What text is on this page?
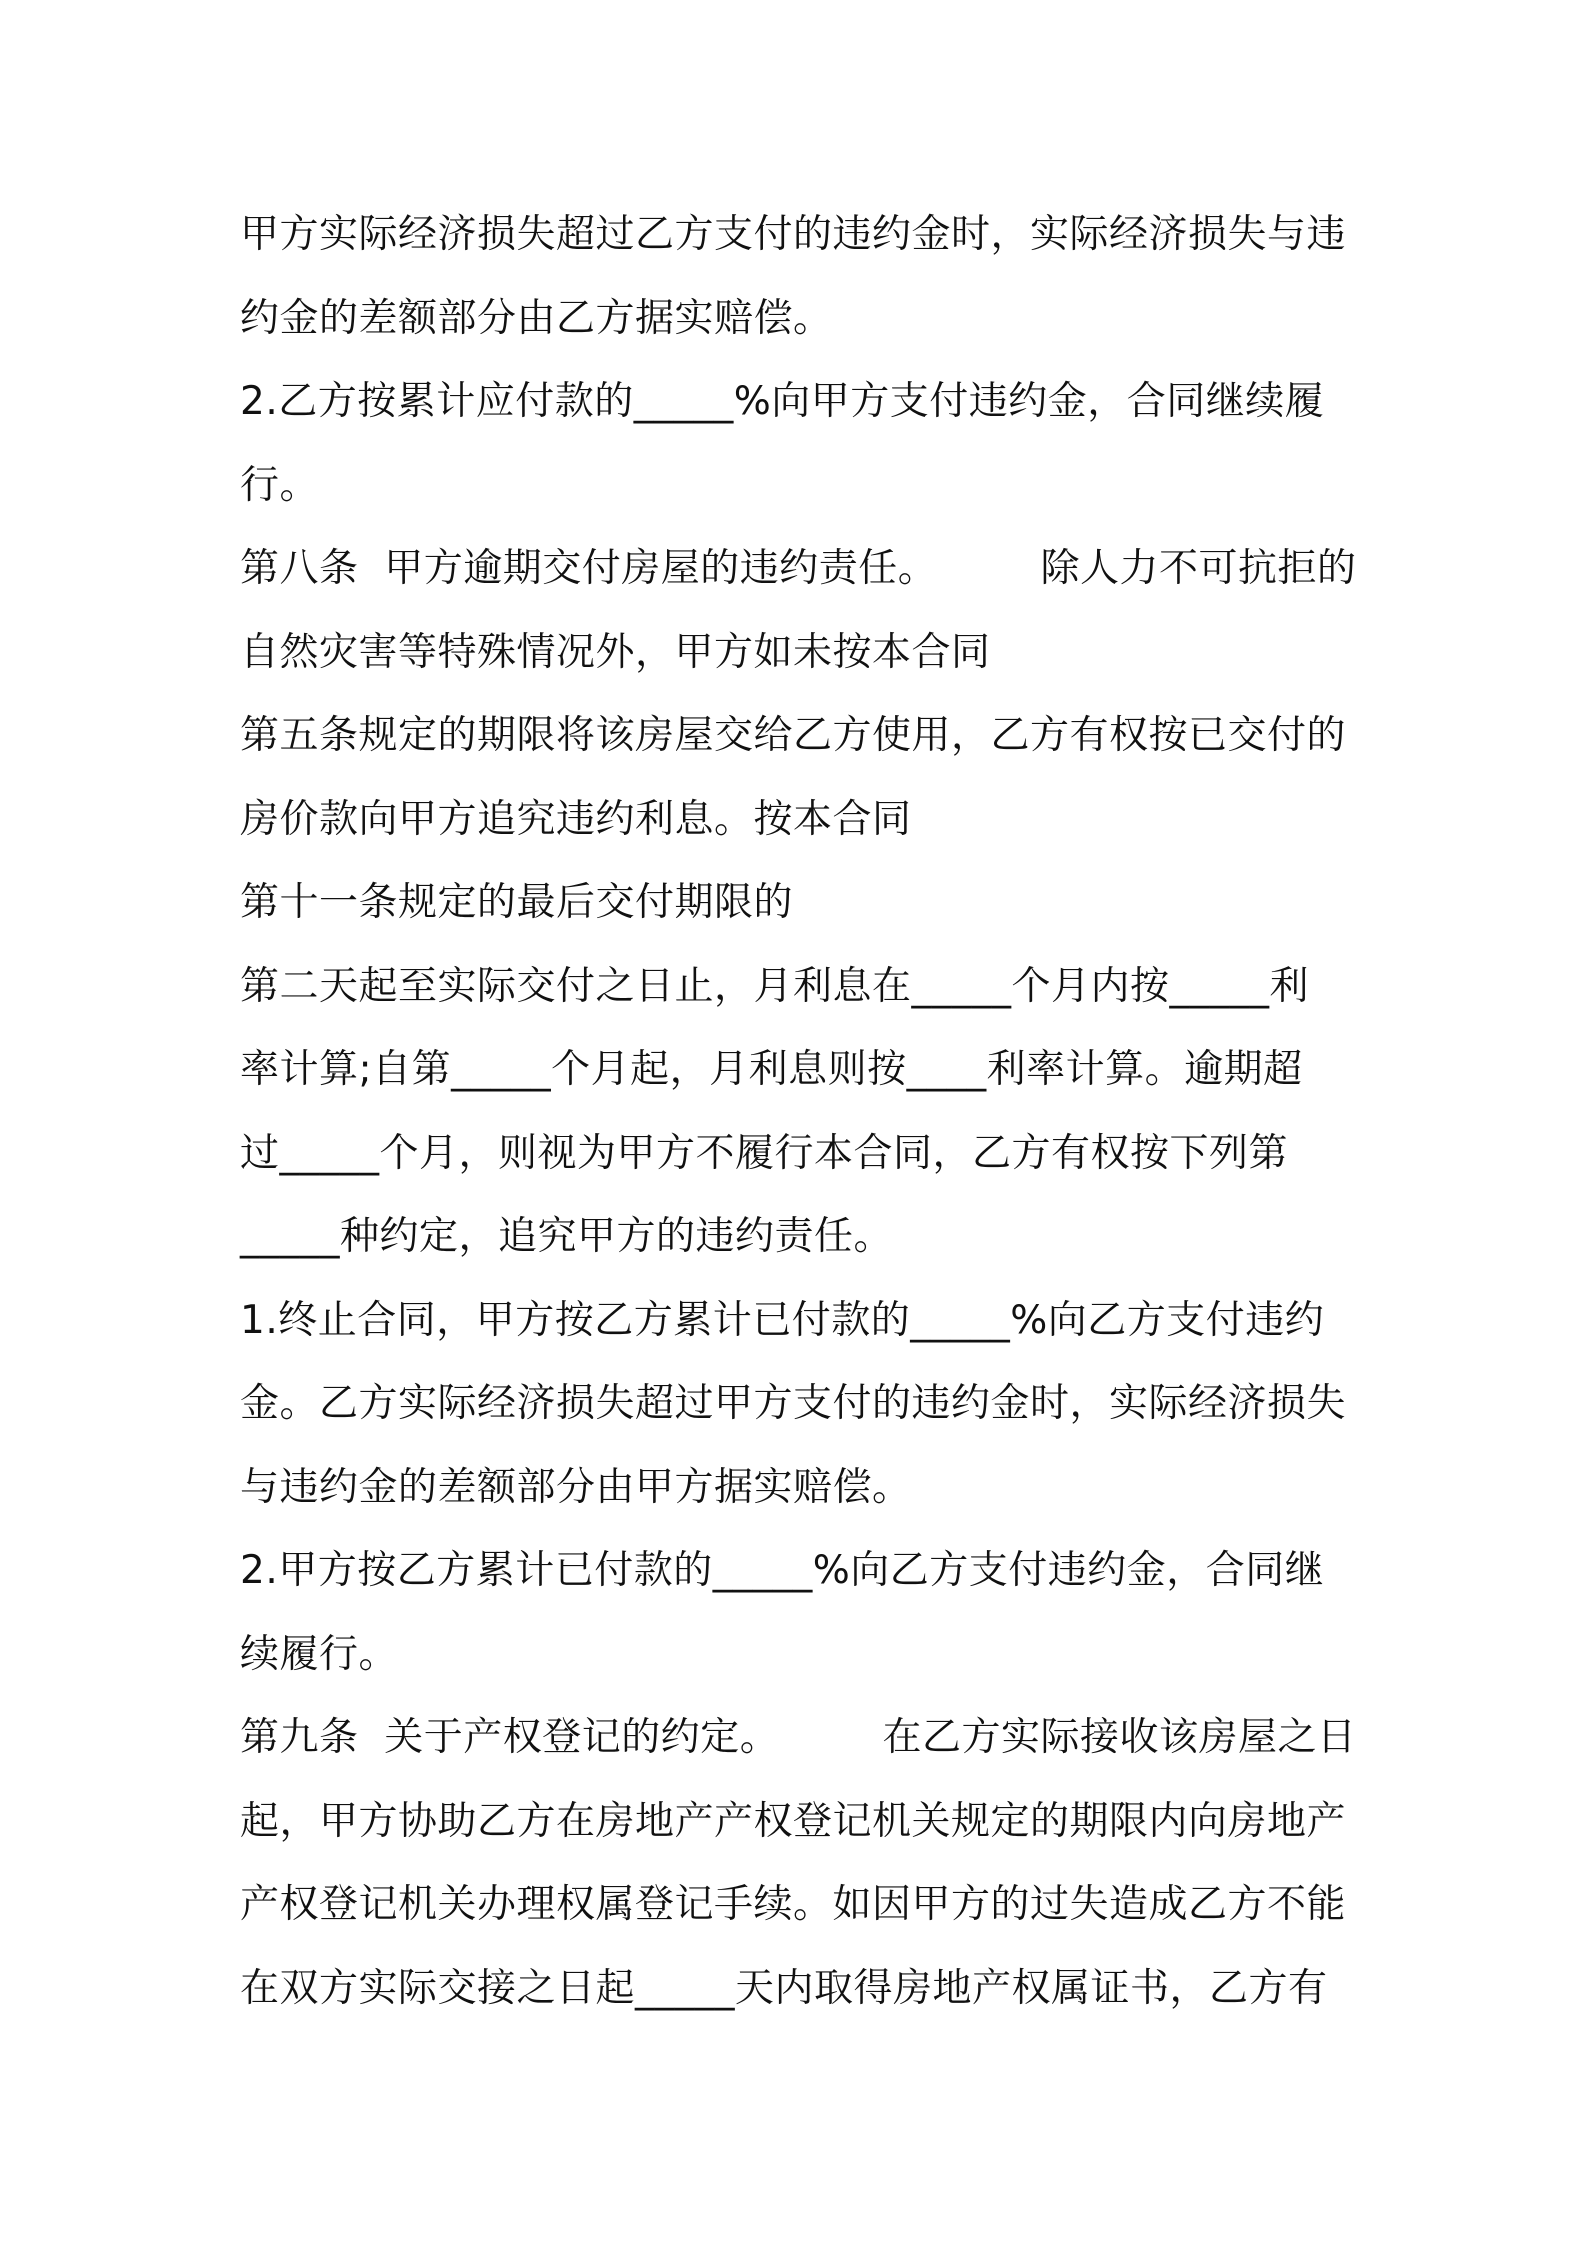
甲方实际经济损失超过乙方支付的违约金时，实际经济损失与违
约金的差额部分由乙方据实赔偿。
2.乙方按累计应付款的_____%向甲方支付违约金，合同继续履
行。
第八条  甲方逾期交付房屋的违约责任。        除人力不可抗拒的
自然灾害等特殊情况外，甲方如未按本合同
第五条规定的期限将该房屋交给乙方使用，乙方有权按已交付的
房价款向甲方追究违约利息。按本合同
第十一条规定的最后交付期限的
第二天起至实际交付之日止，月利息在_____个月内按_____利
率计算;自第_____个月起，月利息则按____利率计算。逾期超
过_____个月，则视为甲方不履行本合同，乙方有权按下列第
_____种约定，追究甲方的违约责任。
1.终止合同，甲方按乙方累计已付款的_____%向乙方支付违约
金。乙方实际经济损失超过甲方支付的违约金时，实际经济损失
与违约金的差额部分由甲方据实赔偿。
2.甲方按乙方累计已付款的_____%向乙方支付违约金，合同继
续履行。
第九条  关于产权登记的约定。        在乙方实际接收该房屋之日
起，甲方协助乙方在房地产产权登记机关规定的期限内向房地产
产权登记机关办理权属登记手续。如因甲方的过失造成乙方不能
在双方实际交接之日起_____天内取得房地产权属证书，乙方有
